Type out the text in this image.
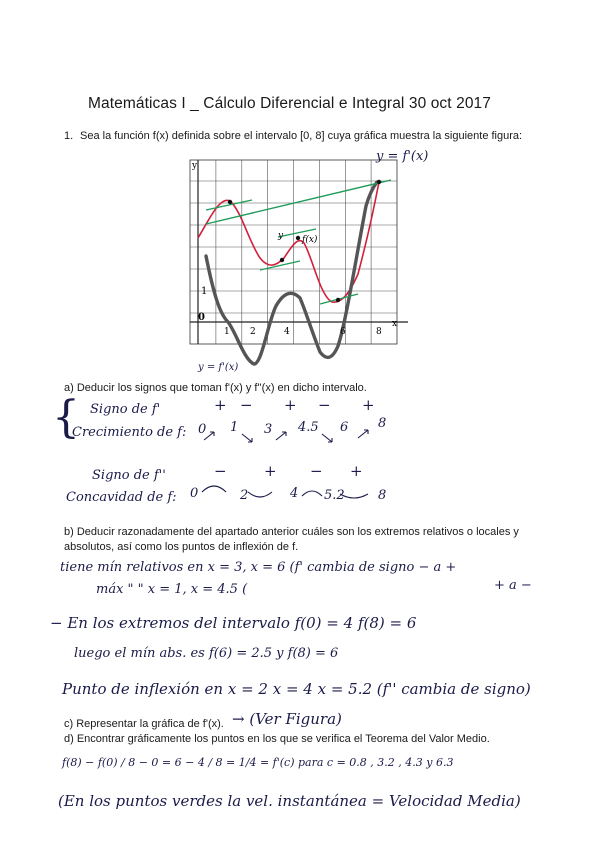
Matemáticas I _ Cálculo Diferencial e Integral 30 oct 2017
1. Sea la función f(x) definida sobre el intervalo [0, 8] cuya gráfica muestra la siguiente figura:
y
x
0
1
1 2	4	6	8
y f(x)
y = f'(x)
y = f'(x)
a) Deducir los signos que toman f'(x) y f''(x) en dicho intervalo.
{ Signo de f'	+ − + − +
Crecimiento de f: 0 1 3 4.5 6 8
Signo de f''	− + − +
Concavidad de f: 0	2	4 5.2	8
b) Deducir razonadamente del apartado anterior cuáles son los extremos relativos o locales y
absolutos, así como los puntos de inflexión de f.
tiene mín relativos en x = 3, x = 6 (f' cambia de signo − a +
máx " " x = 1, x = 4.5 (	+ a −
− En los extremos del intervalo f(0) = 4 f(8) = 6
luego el mín abs. es f(6) = 2.5 y f(8) = 6
Punto de inflexión en x = 2 x = 4 x = 5.2 (f'' cambia de signo)
c) Representar la gráfica de f'(x). → (Ver Figura)
d) Encontrar gráficamente los puntos en los que se verifica el Teorema del Valor Medio.
f(8) − f(0) / 8 − 0 = 6 − 4 / 8 = 1/4 = f'(c) para c = 0.8 , 3.2 , 4.3 y 6.3
(En los puntos verdes la vel. instantánea = Velocidad Media)
